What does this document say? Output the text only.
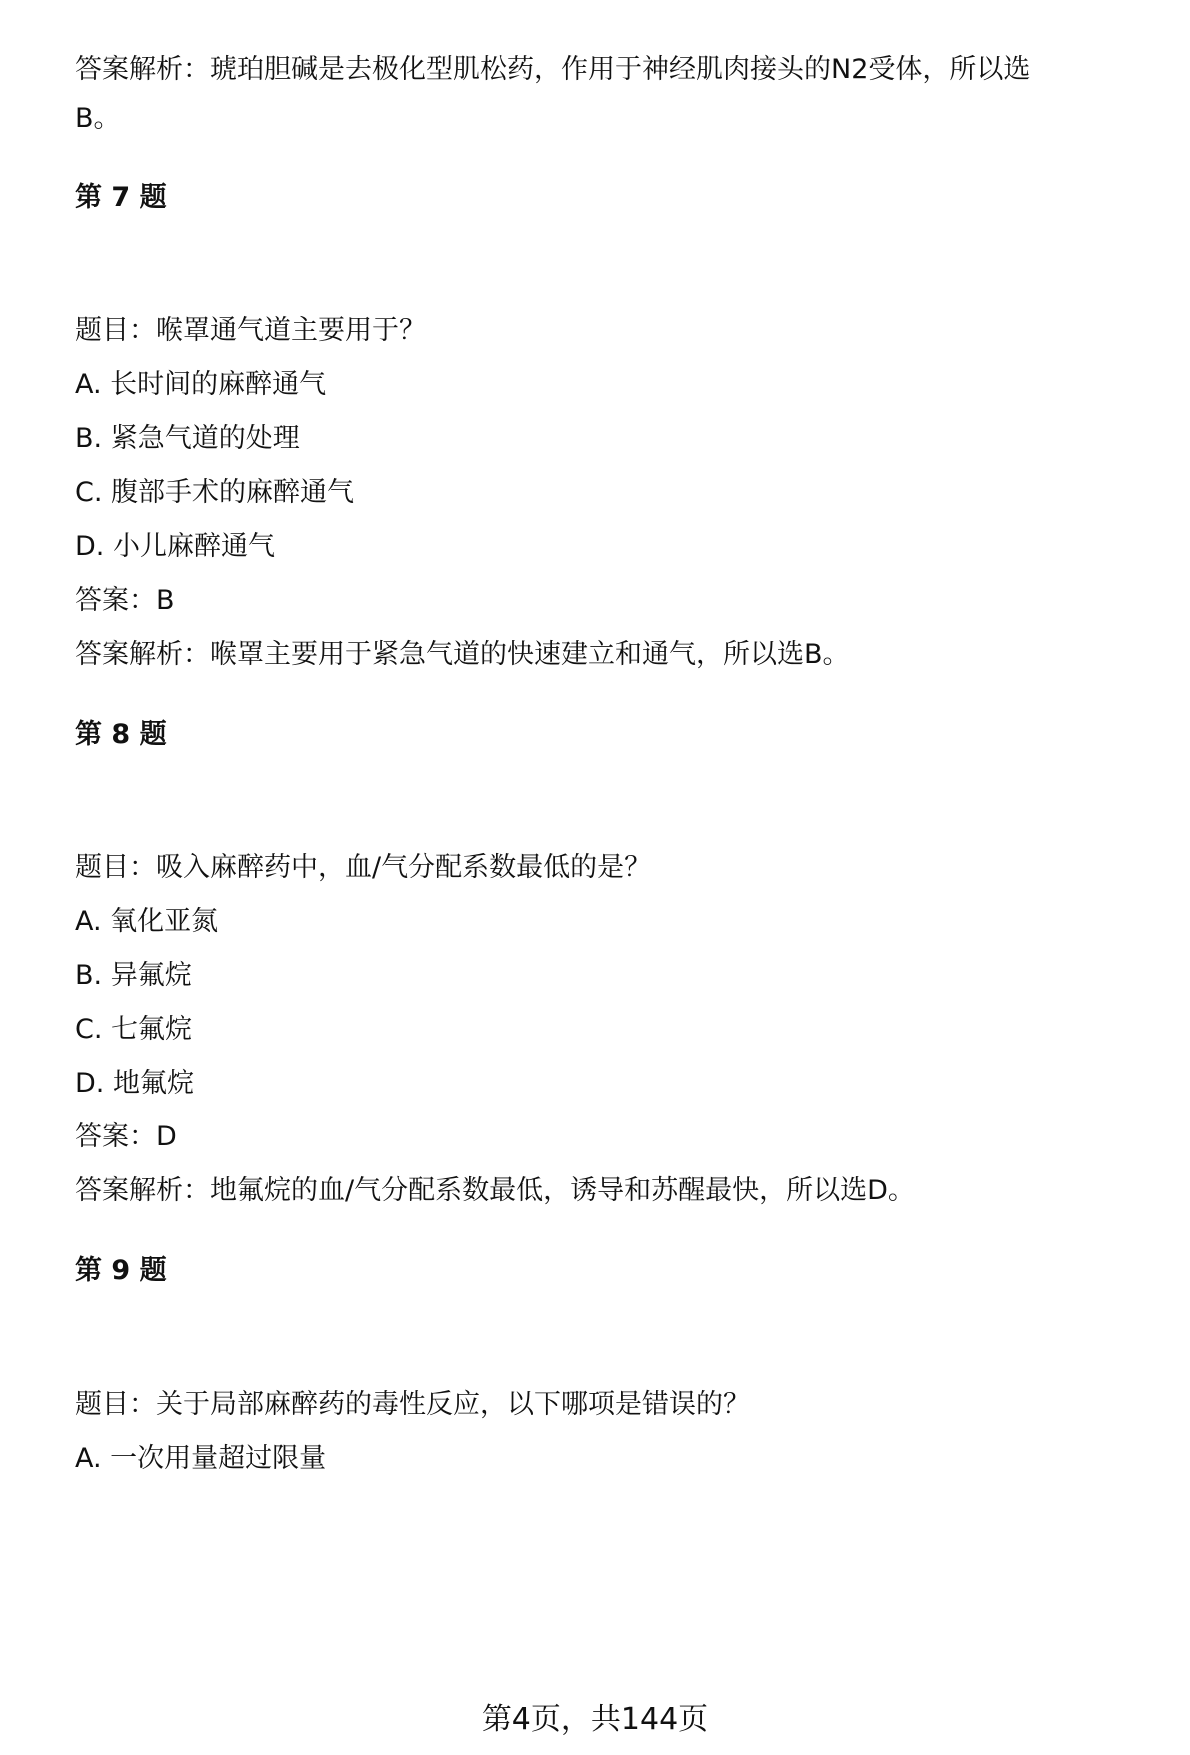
答案解析：琥珀胆碱是去极化型肌松药，作用于神经肌肉接头的N2受体，所以选
B。
第 7 题
题目：喉罩通气道主要用于？
A. 长时间的麻醉通气
B. 紧急气道的处理
C. 腹部手术的麻醉通气
D. 小儿麻醉通气
答案：B
答案解析：喉罩主要用于紧急气道的快速建立和通气，所以选B。
第 8 题
题目：吸入麻醉药中，血/气分配系数最低的是？
A. 氧化亚氮
B. 异氟烷
C. 七氟烷
D. 地氟烷
答案：D
答案解析：地氟烷的血/气分配系数最低，诱导和苏醒最快，所以选D。
第 9 题
题目：关于局部麻醉药的毒性反应，以下哪项是错误的？
A. 一次用量超过限量
第4页，共144页
